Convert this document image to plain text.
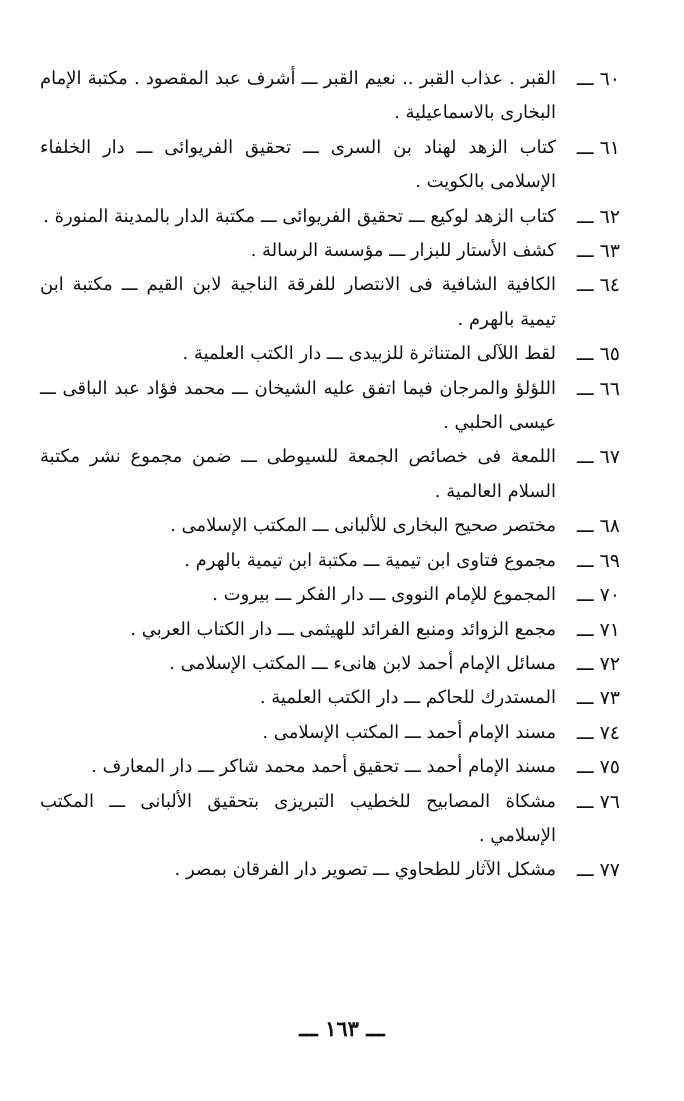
٦٠ ـــ
القبر . عذاب القبر .. نعيم القبر ـــ أشرف عبد المقصود . مكتبة الإمام البخارى بالاسماعيلية .
٦١ ـــ
كتاب الزهد لهناد بن السرى ـــ تحقيق الفريوائى ـــ دار الخلفاء الإسلامى بالكويت .
٦٢ ـــ
كتاب الزهد لوكيع ـــ تحقيق الفريوائى ـــ مكتبة الدار بالمدينة المنورة .
٦٣ ـــ
كشف الأستار للبزار ـــ مؤسسة الرسالة .
٦٤ ـــ
الكافية الشافية فى الانتصار للفرقة الناجية لابن القيم ـــ مكتبة ابن تيمية بالهرم .
٦٥ ـــ
لقط اللآلى المتناثرة للزبيدى ـــ دار الكتب العلمية .
٦٦ ـــ
اللؤلؤ والمرجان فيما اتفق عليه الشيخان ـــ محمد فؤاد عبد الباقى ـــ عيسى الحلبي .
٦٧ ـــ
اللمعة فى خصائص الجمعة للسيوطى ـــ ضمن مجموع نشر مكتبة السلام العالمية .
٦٨ ـــ
مختصر صحيح البخارى للألبانى ـــ المكتب الإسلامى .
٦٩ ـــ
مجموع فتاوى ابن تيمية ـــ مكتبة ابن تيمية بالهرم .
٧٠ ـــ
المجموع للإمام النووى ـــ دار الفكر ـــ بيروت .
٧١ ـــ
مجمع الزوائد ومنبع الفرائد للهيثمى ـــ دار الكتاب العربي .
٧٢ ـــ
مسائل الإمام أحمد لابن هانىء ـــ المكتب الإسلامى .
٧٣ ـــ
المستدرك للحاكم ـــ دار الكتب العلمية .
٧٤ ـــ
مسند الإمام أحمد ـــ المكتب الإسلامى .
٧٥ ـــ
مسند الإمام أحمد ـــ تحقيق أحمد محمد شاكر ـــ دار المعارف .
٧٦ ـــ
مشكاة المصابيح للخطيب التبريزى بتحقيق الألبانى ـــ المكتب الإسلامي .
٧٧ ـــ
مشكل الآثار للطحاوي ـــ تصوير دار الفرقان بمصر .
ـــ ١٦٣ ـــ
